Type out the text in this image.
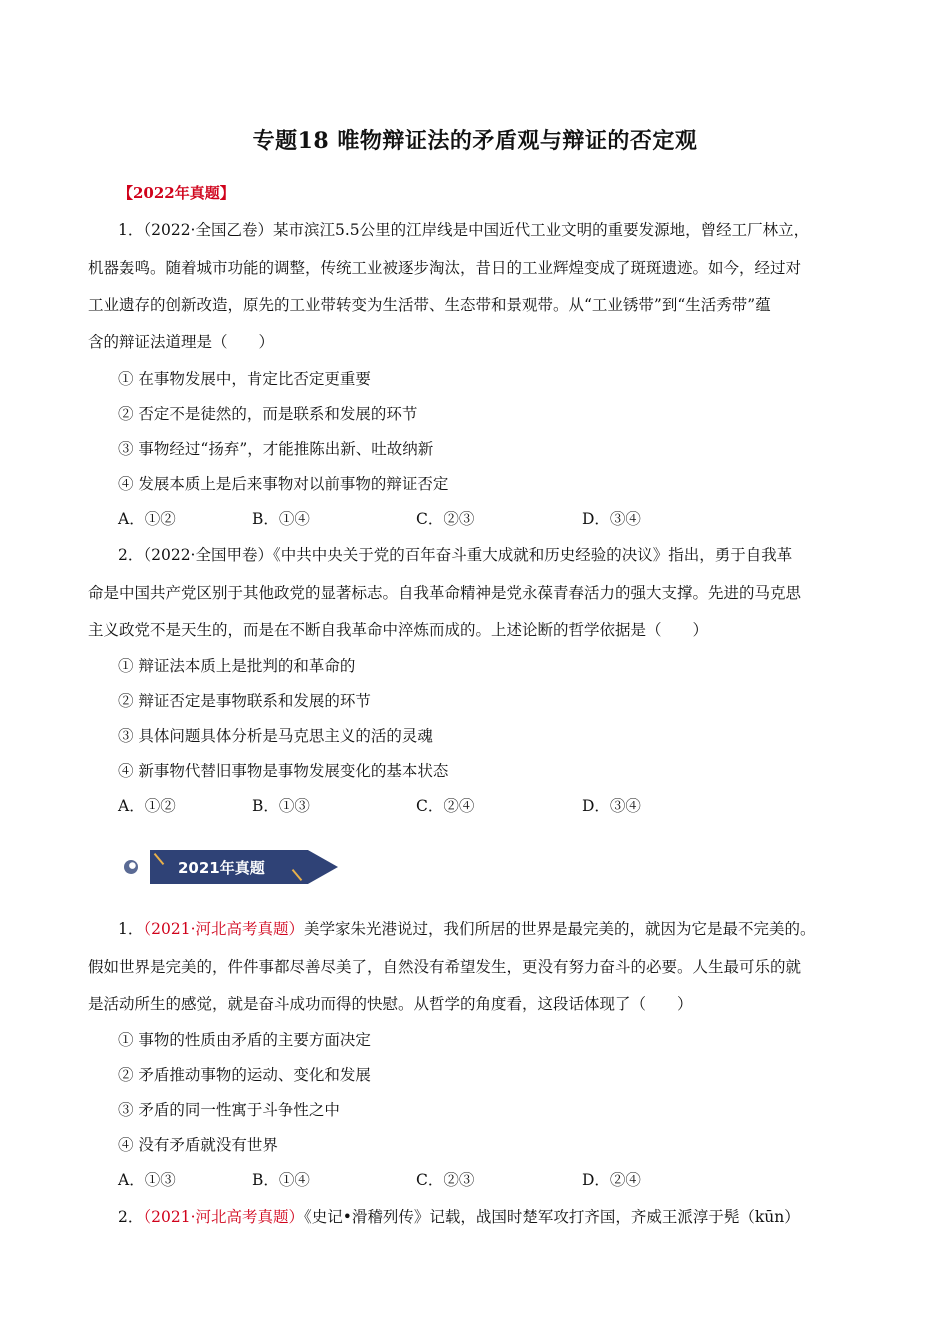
专题18 唯物辩证法的矛盾观与辩证的否定观
【2022年真题】
1．（2022·全国乙卷）某市滨江5.5公里的江岸线是中国近代工业文明的重要发源地，曾经工厂林立，
机器轰鸣。随着城市功能的调整，传统工业被逐步淘汰，昔日的工业辉煌变成了斑斑遗迹。如今，经过对
工业遗存的创新改造，原先的工业带转变为生活带、生态带和景观带。从“工业锈带”到“生活秀带”蕴
含的辩证法道理是（　　）
① 在事物发展中，肯定比否定更重要
② 否定不是徒然的，而是联系和发展的环节
③ 事物经过“扬弃”，才能推陈出新、吐故纳新
④ 发展本质上是后来事物对以前事物的辩证否定
A．①②	B．①④	C．②③	D．③④
2．（2022·全国甲卷）《中共中央关于党的百年奋斗重大成就和历史经验的决议》指出，勇于自我革
命是中国共产党区别于其他政党的显著标志。自我革命精神是党永葆青春活力的强大支撑。先进的马克思
主义政党不是天生的，而是在不断自我革命中淬炼而成的。上述论断的哲学依据是（　　）
① 辩证法本质上是批判的和革命的
② 辩证否定是事物联系和发展的环节
③ 具体问题具体分析是马克思主义的活的灵魂
④ 新事物代替旧事物是事物发展变化的基本状态
A．①②	B．①③	C．②④	D．③④
2021年真题
1．（2021·河北高考真题）美学家朱光港说过，我们所居的世界是最完美的，就因为它是最不完美的。
假如世界是完美的，件件事都尽善尽美了，自然没有希望发生，更没有努力奋斗的必要。人生最可乐的就
是活动所生的感觉，就是奋斗成功而得的快慰。从哲学的角度看，这段话体现了（　　）
① 事物的性质由矛盾的主要方面决定
② 矛盾推动事物的运动、变化和发展
③ 矛盾的同一性寓于斗争性之中
④ 没有矛盾就没有世界
A．①③	B．①④	C．②③	D．②④
2．（2021·河北高考真题）《史记•滑稽列传》记载，战国时楚军攻打齐国，齐威王派淳于髡（kūn）
